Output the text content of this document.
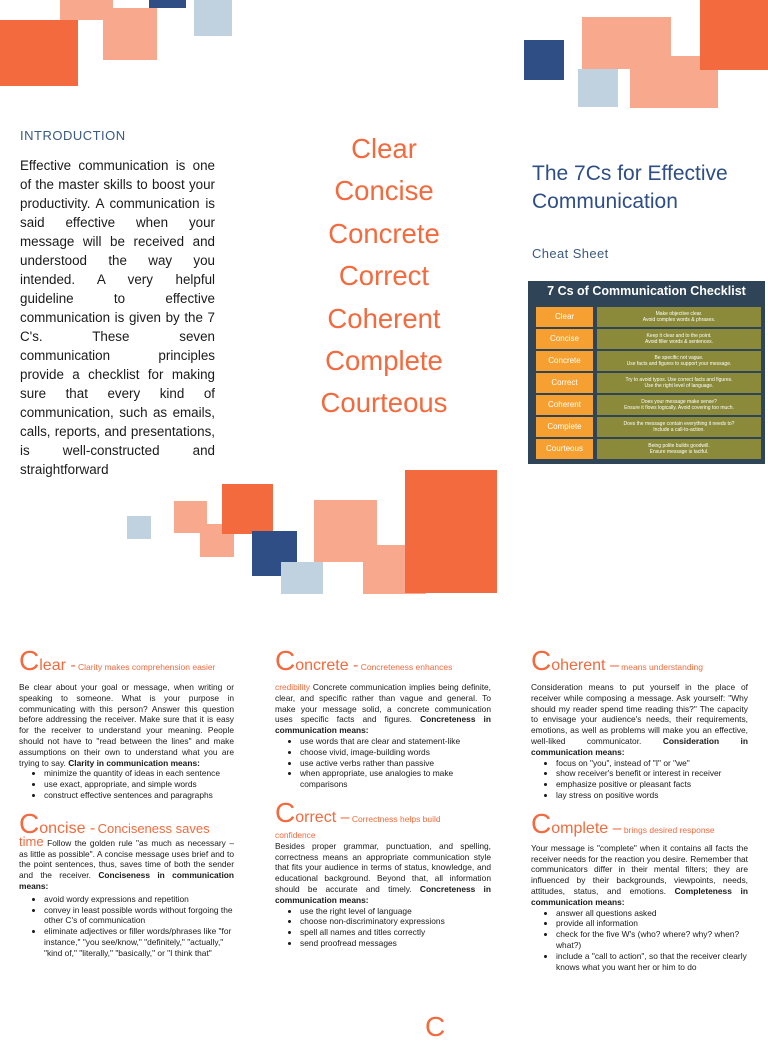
INTRODUCTION

Effective communication is one of the master skills to boost your productivity. A communication is said effective when your message will be received and understood the way you intended. A very helpful guideline to effective communication is given by the 7 C's. These seven communication principles provide a checklist for making sure that every kind of communication, such as emails, calls, reports, and presentations, is well-constructed and straightforward

Clear
Concise
Concrete
Correct
Coherent
Complete
Courteous
The 7Cs for Effective Communication
Cheat Sheet
7 Cs of Communication Checklist
Clear	Make objective clear.
Avoid complex words & phrases.
Concise	Keep it clear and to the point.
Avoid filler words & sentences.
Concrete	Be specific not vague.
Use facts and figures to support your message.
Correct	Try to avoid typos. Use correct facts and figures.
Use the right level of language.
Coherent	Does your message make sense?
Ensure it flows logically. Avoid covering too much.
Complete	Does the message contain everything it needs to?
Include a call-to-action.
Courteous	Being polite builds goodwill.
Ensure message is tactful.
Clear - Clarity makes comprehension easier

Be clear about your goal or message, when writing or speaking to someone. What is your purpose in communicating with this person? Answer this question before addressing the receiver. Make sure that it is easy for the receiver to understand your meaning. People should not have to "read between the lines" and make assumptions on their own to understand what you are trying to say. Clarity in communication means:

• minimize the quantity of ideas in each sentence
• use exact, appropriate, and simple words
• construct effective sentences and paragraphs
Concise - Conciseness saves

time Follow the golden rule "as much as necessary – as little as possible". A concise message uses brief and to the point sentences, thus, saves time of both the sender and the receiver. Conciseness in communication means:

• avoid wordy expressions and repetition
• convey in least possible words without forgoing the other C's of communication
• eliminate adjectives or filler words/phrases like "for instance," "you see/know," "definitely," "actually," "kind of," "literally," "basically," or "I think that"
Concrete - Concreteness enhances

credibility Concrete communication implies being definite, clear, and specific rather than vague and general. To make your message solid, a concrete communication uses specific facts and figures. Concreteness in communication means:

• use words that are clear and statement-like
• choose vivid, image-building words
• use active verbs rather than passive
• when appropriate, use analogies to make comparisons
Correct – Correctness helps build

confidence
Besides proper grammar, punctuation, and spelling, correctness means an appropriate communication style that fits your audience in terms of status, knowledge, and educational background. Beyond that, all information should be accurate and timely. Concreteness in communication means:

• use the right level of language
• choose non-discriminatory expressions
• spell all names and titles correctly
• send proofread messages
C
Coherent – means understanding

Consideration means to put yourself in the place of receiver while composing a message. Ask yourself: "Why should my reader spend time reading this?" The capacity to envisage your audience's needs, their requirements, emotions, as well as problems will make you an effective, well-liked communicator.	Consideration in communication means:

• focus on "you", instead of "I" or "we"
• show receiver's benefit or interest in receiver
• emphasize positive or pleasant facts
• lay stress on positive words
Complete – brings desired response

Your message is "complete" when it contains all facts the receiver needs for the reaction you desire. Remember that communicators differ in their mental filters; they are influenced by their backgrounds, viewpoints, needs, attitudes, status, and emotions. Completeness in communication means:

• answer all questions asked
• provide all information
• check for the five W's (who? where? why? when? what?)
• include a "call to action", so that the receiver clearly knows what you want her or him to do
